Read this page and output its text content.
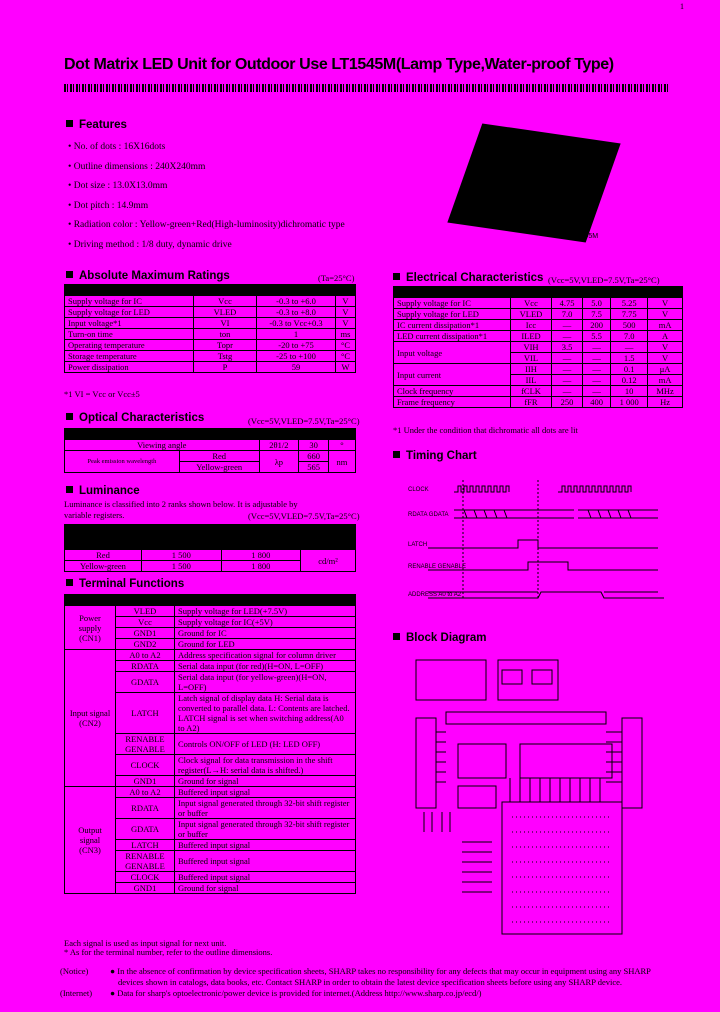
1
Dot Matrix LED Unit for Outdoor Use LT1545M(Lamp Type,Water-proof Type)
Features
• No. of dots : 16X16dots
• Outline dimensions : 240X240mm
• Dot size : 13.0X13.0mm
• Dot pitch : 14.9mm
• Radiation color : Yellow-green+Red(High-luminosity)dichromatic type
• Driving method : 1/8 duty, dynamic drive
LT1545M
Absolute Maximum Ratings	(Ta=25°C)

Supply voltage for IC	Vcc	-0.3 to +6.0	V
Supply voltage for LED	VLED	-0.3 to +8.0	V
Input voltage*1	VI	-0.3 to Vcc+0.3	V
Turn-on time	ton	1	ms
Operating temperature	Topr	-20 to +75	°C
Storage temperature	Tstg	-25 to +100	°C
Power dissipation	P	59	W
*1 VI = Vcc or Vcc±5
Optical Characteristics	(Vcc=5V,VLED=7.5V,Ta=25°C)

Viewing angle		2θ1/2	30	°
Peak emission wavelength	Red	λp	660	nm
	Yellow-green		565	
Luminance
Luminance is classified into 2 ranks shown below. It is adjustable by
variable registers.	(Vcc=5V,VLED=7.5V,Ta=25°C)

Red	1 500	1 800	cd/m²
Yellow-green	1 500	1 800	
Terminal Functions

Power supply (CN1)	VLED	Supply voltage for LED(+7.5V)
	Vcc	Supply voltage for IC(+5V)
	GND1	Ground for IC
	GND2	Ground for LED
Input signal (CN2)	A0 to A2	Address specification signal for column driver
	RDATA	Serial data input (for red)(H=ON, L=OFF)
	GDATA	Serial data input (for yellow-green)(H=ON, L=OFF)
	LATCH	Latch signal of display data H: Serial data is converted to parallel data. L: Contents are latched. LATCH signal is set when switching address(A0 to A2)
	RENABLE GENABLE	Controls ON/OFF of LED (H: LED OFF)
	CLOCK	Clock signal for data transmission in the shift register(L→H: serial data is shifted.)
	GND1	Ground for signal
Output signal (CN3)	A0 to A2	Buffered input signal
	RDATA	Input signal generated through 32-bit shift register or buffer
	GDATA	Input signal generated through 32-bit shift register or buffer
	LATCH	Buffered input signal
	RENABLE GENABLE	Buffered input signal
	CLOCK	Buffered input signal
	GND1	Ground for signal
Each signal is used as input signal for next unit.
* As for the terminal number, refer to the outline dimensions.
Electrical Characteristics (Vcc=5V,VLED=7.5V,Ta=25°C)

Supply voltage for IC	Vcc	4.75	5.0	5.25	V
Supply voltage for LED	VLED	7.0	7.5	7.75	V
IC current dissipation*1	Icc	—	200	500	mA
LED current dissipation*1	ILED	—	5.5	7.0	A
Input voltage	VIH	3.5	—	—	V
	VIL	—	—	1.5	V
Input current	IIH	—	—	0.1	μA
	IIL	—	—	0.12	mA
Clock frequency	fCLK	—	—	10	MHz
Frame frequency	fFR	250	400	1 000	Hz
*1 Under the condition that dichromatic all dots are lit
Timing Chart
CLOCK
RDATA GDATA
LATCH
RENABLE GENABLE
ADDRESS A0 to A2
Block Diagram
(Notice)	● In the absence of confirmation by device specification sheets, SHARP takes no responsibility for any defects that may occur in equipment using any SHARP
devices shown in catalogs, data books, etc. Contact SHARP in order to obtain the latest device specification sheets before using any SHARP device.
(Internet) ● Data for sharp's optoelectronic/power device is provided for internet.(Address http://www.sharp.co.jp/ecd/)
